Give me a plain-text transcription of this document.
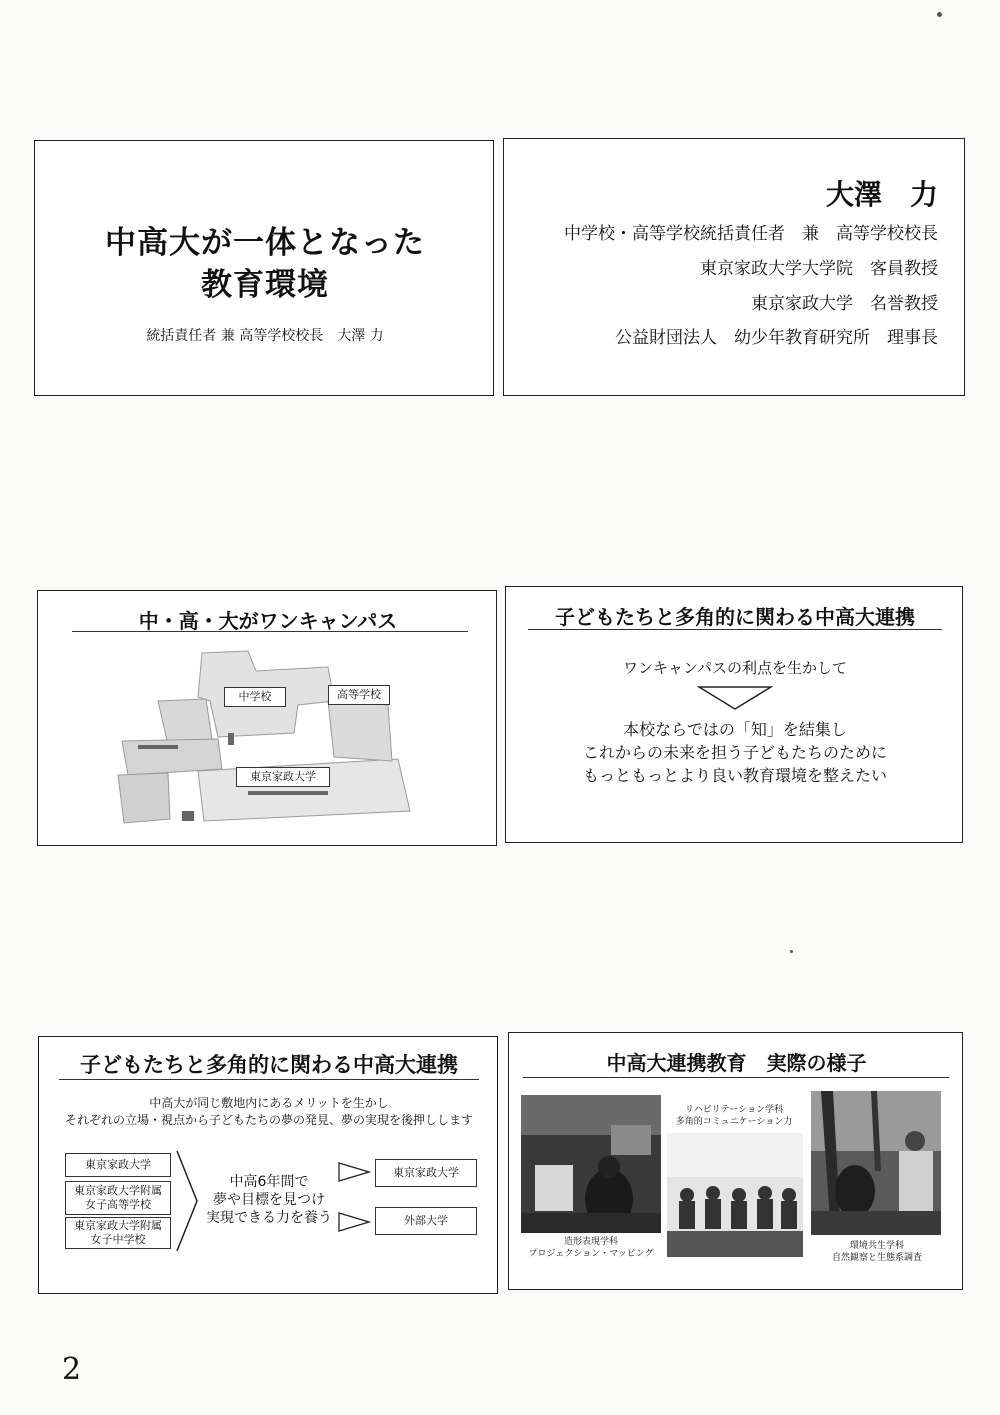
中高大が一体となった
教育環境
統括責任者 兼 高等学校校長　大澤 力
大澤　力
中学校・高等学校統括責任者　兼　高等学校校長
東京家政大学大学院　客員教授
東京家政大学　名誉教授
公益財団法人　幼少年教育研究所　理事長
中・高・大がワンキャンパス
中学校	高等学校
東京家政大学
子どもたちと多角的に関わる中高大連携
ワンキャンパスの利点を生かして
本校ならではの「知」を結集し
これからの未来を担う子どもたちのために
もっともっとより良い教育環境を整えたい
子どもたちと多角的に関わる中高大連携
中高大が同じ敷地内にあるメリットを生かし
それぞれの立場・視点から子どもたちの夢の発見、夢の実現を後押しします
東京家政大学
東京家政大学附属
女子高等学校
東京家政大学附属
女子中学校
中高6年間で
夢や目標を見つけ
実現できる力を養う
東京家政大学
外部大学
中高大連携教育　実際の様子
造形表現学科
プロジェクション・マッピング
リハビリテーション学科
多角的コミュニケーション力
環境共生学科
自然観察と生態系調査
2
